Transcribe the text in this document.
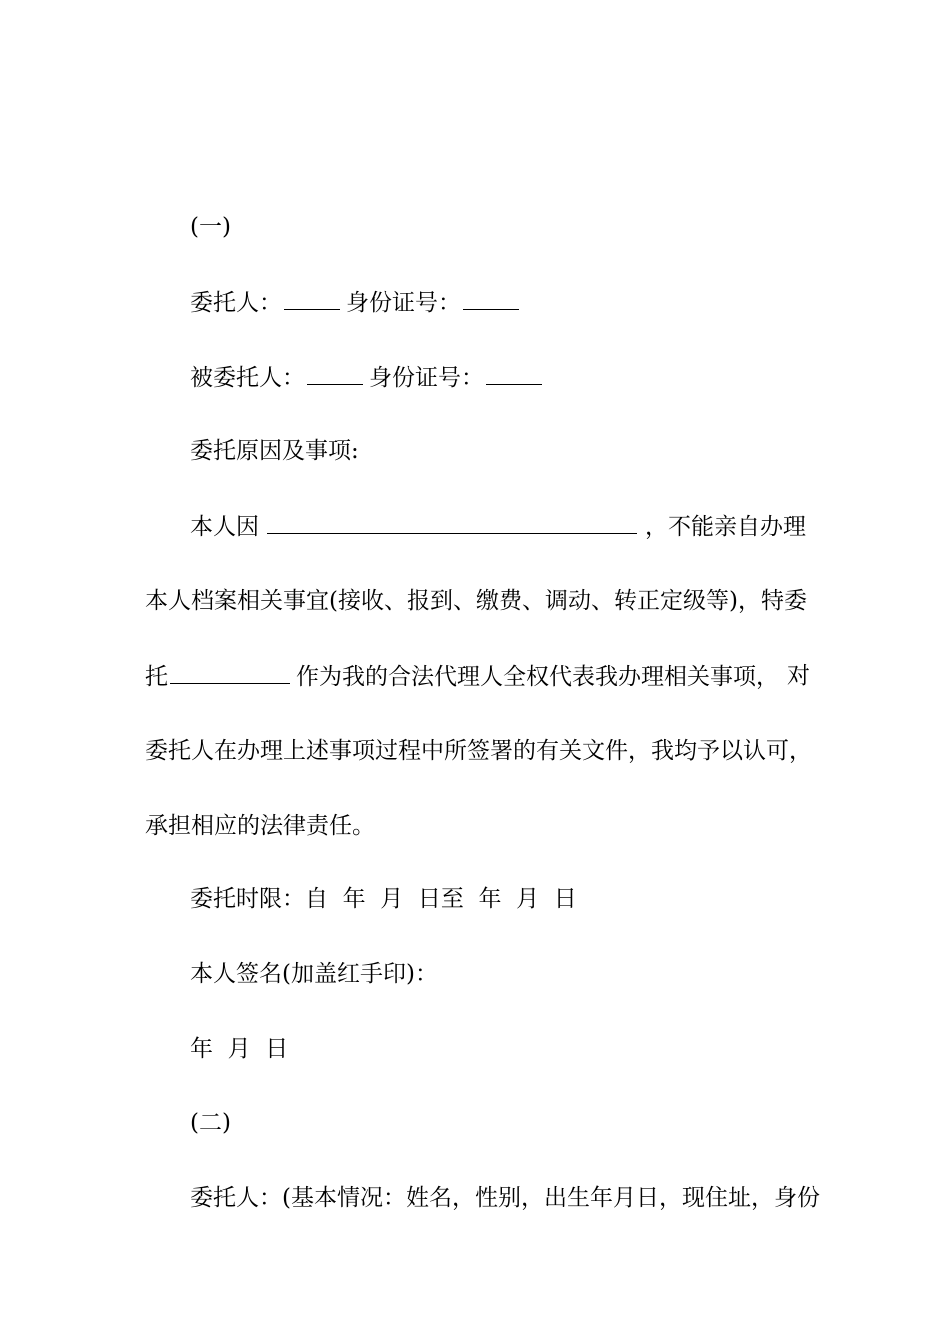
(一)
委托人：	身份证号：
被委托人：	身份证号：
委托原因及事项:
本人因	，不能亲自办理
本人档案相关事宜(接收、报到、缴费、调动、转正定级等)，特委
托	作为我的合法代理人全权代表我办理相关事项， 对
委托人在办理上述事项过程中所签署的有关文件，我均予以认可，
承担相应的法律责任。
委托时限：自  年  月  日至  年  月  日
本人签名(加盖红手印)：
年  月  日
(二)
委托人：(基本情况：姓名，性别，出生年月日，现住址，身份
